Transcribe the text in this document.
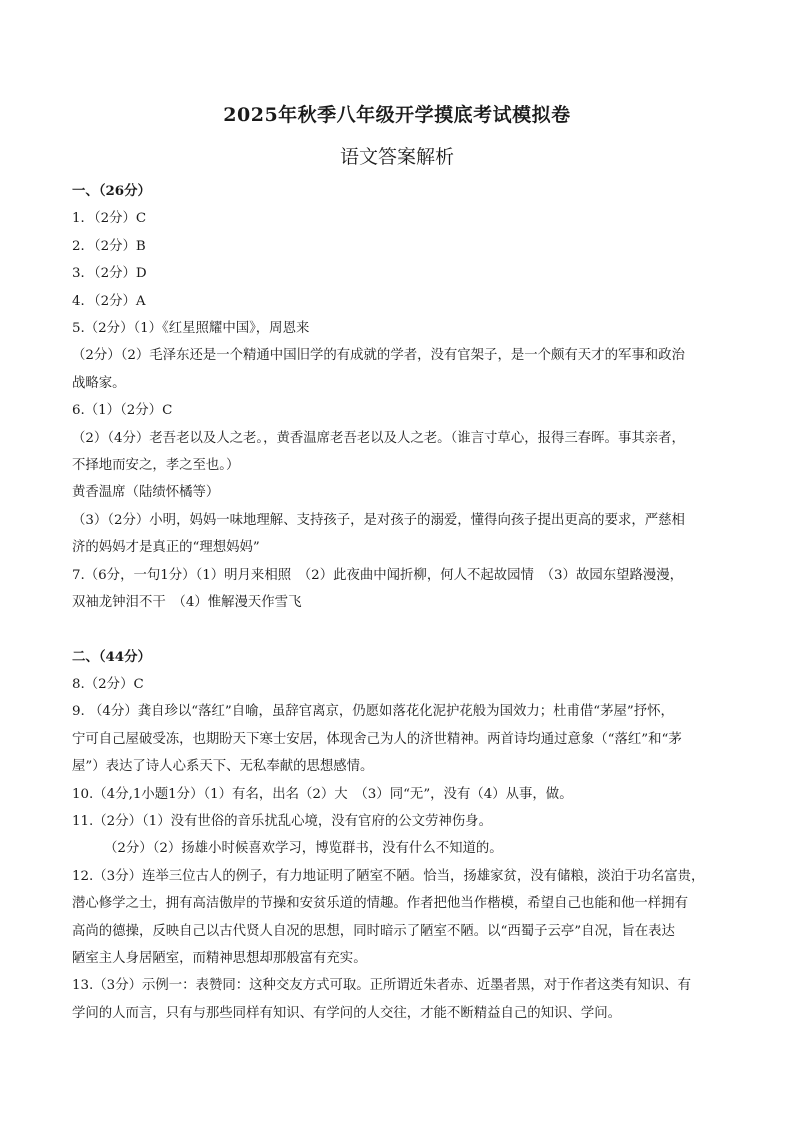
2025年秋季八年级开学摸底考试模拟卷
语文答案解析
一、（26分）
1．（2分）C
2．（2分）B
3．（2分）D
4．（2分）A
5.（2分）（1）《红星照耀中国》，周恩来
（2分）（2）毛泽东还是一个精通中国旧学的有成就的学者，没有官架子，是一个颇有天才的军事和政治
战略家。
6.（1）（2分）C
（2）（4分）老吾老以及人之老。，黄香温席老吾老以及人之老。（谁言寸草心，报得三春晖。事其亲者，
不择地而安之，孝之至也。）
黄香温席（陆绩怀橘等）
（3）（2分）小明，妈妈一味地理解、支持孩子，是对孩子的溺爱，懂得向孩子提出更高的要求，严慈相
济的妈妈才是真正的“理想妈妈”
7.（6分，一句1分）（1）明月来相照　（2）此夜曲中闻折柳，何人不起故园情　（3）故园东望路漫漫，
双袖龙钟泪不干　（4）惟解漫天作雪飞
二、（44分）
8.（2分）C
9. （4分）龚自珍以“落红”自喻，虽辞官离京，仍愿如落花化泥护花般为国效力；杜甫借“茅屋”抒怀，
宁可自己屋破受冻，也期盼天下寒士安居，体现舍己为人的济世精神。两首诗均通过意象（“落红”和“茅
屋”）表达了诗人心系天下、无私奉献的思想感情。
10.（4分,1小题1分）（1）有名，出名（2）大　（3）同“无”，没有（4）从事，做。
11.（2分）（1）没有世俗的音乐扰乱心境，没有官府的公文劳神伤身。
（2分）（2）扬雄小时候喜欢学习，博览群书，没有什么不知道的。
12.（3分）连举三位古人的例子，有力地证明了陋室不陋。恰当，扬雄家贫，没有储粮，淡泊于功名富贵，
潜心修学之士，拥有高洁傲岸的节操和安贫乐道的情趣。作者把他当作楷模，希望自己也能和他一样拥有
高尚的德操，反映自己以古代贤人自况的思想，同时暗示了陋室不陋。以“西蜀子云亭”自况，旨在表达
陋室主人身居陋室，而精神思想却那般富有充实。
13.（3分）示例一：表赞同：这种交友方式可取。正所谓近朱者赤、近墨者黑，对于作者这类有知识、有
学问的人而言，只有与那些同样有知识、有学问的人交往，才能不断精益自己的知识、学问。
